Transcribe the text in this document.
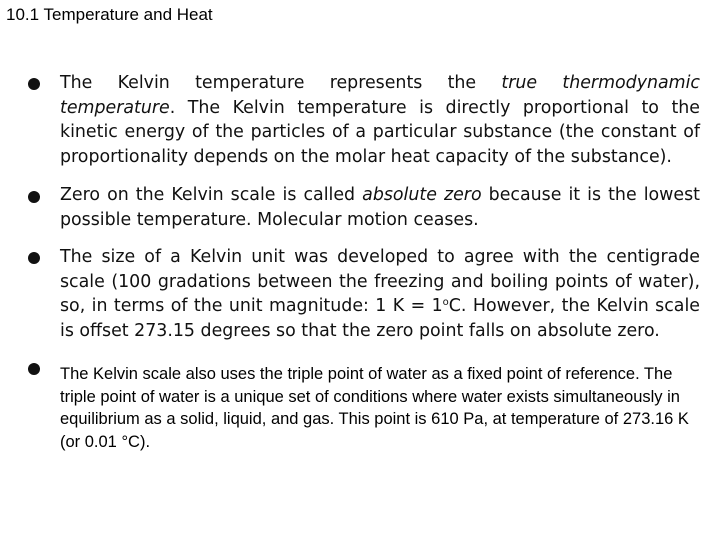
10.1 Temperature and Heat
The Kelvin temperature represents the true thermodynamic temperature. The Kelvin temperature is directly proportional to the kinetic energy of the particles of a particular substance (the constant of proportionality depends on the molar heat capacity of the substance).
Zero on the Kelvin scale is called absolute zero because it is the lowest possible temperature. Molecular motion ceases.
The size of a Kelvin unit was developed to agree with the centigrade scale (100 gradations between the freezing and boiling points of water), so, in terms of the unit magnitude: 1 $K = 1^oC$. However, the Kelvin scale is offset 273.15 degrees so that the zero point falls on absolute zero.
The Kelvin scale also uses the triple point of water as a fixed point of reference. The triple point of water is a unique set of conditions where water exists simultaneously in equilibrium as a solid, liquid, and gas. This point is 610 Pa, at temperature of 273.16 K (or 0.01 °C).
